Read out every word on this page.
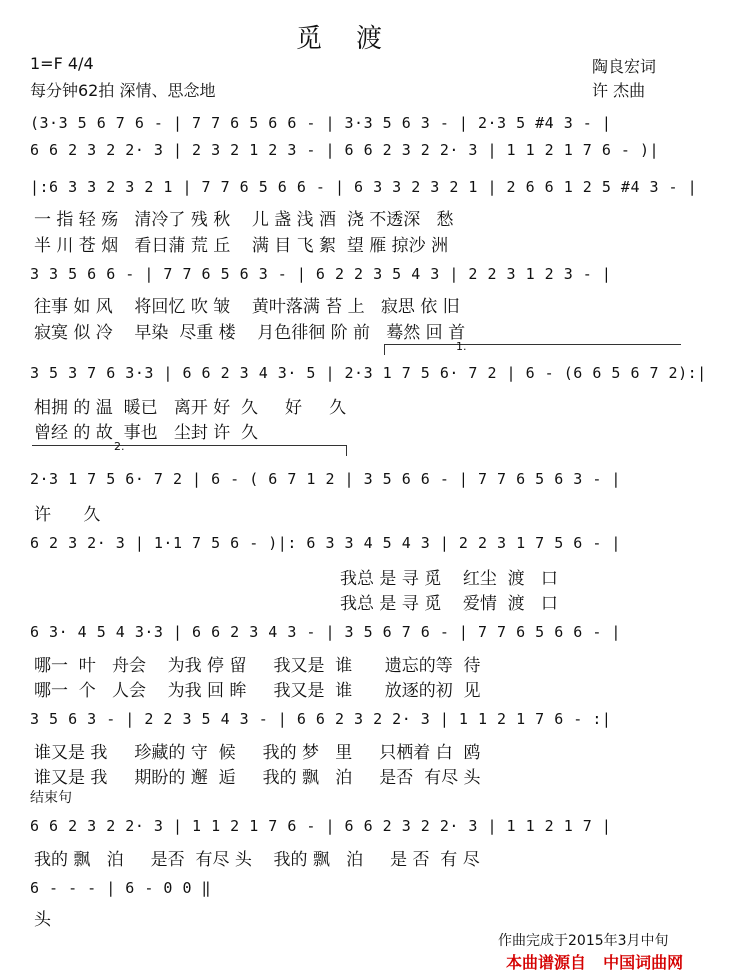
觅渡
1=F 4/4
每分钟62拍 深情、思念地
陶良宏词
许 杰曲
(3·3 5 6 7 6 - | 7 7 6 5 6 6 - | 3·3 5 6 3 - | 2·3 5 #4 3 - |
6 6 2 3 2 2· 3 | 2 3 2 1 2 3 - | 6 6 2 3 2 2· 3 | 1 1 2 1 7 6 - )|
|:6 3 3 2 3 2 1 | 7 7 6 5 6 6 - | 6 3 3 2 3 2 1 | 2 6 6 1 2 5 #4 3 - |
一 指 轻 殇   清冷了 残 秋    儿 盏 浅 酒  浇 不透深   愁
半 川 苍 烟   看日蒲 荒 丘    满 目 飞 絮  望 雁 掠沙 洲
3 3 5 6 6 - | 7 7 6 5 6 3 - | 6 2 2 3 5 4 3 | 2 2 3 1 2 3 - |
往事 如 风    将回忆 吹 皱    黄叶落满 苔 上   寂思 依 旧
寂寞 似 冷    早染  尽重 楼    月色徘徊 阶 前   蓦然 回 首
1.
3 5 3 7 6 3·3 | 6 6 2 3 4 3· 5 | 2·3 1 7 5 6· 7 2 | 6 - (6 6 5 6 7 2):|
相拥 的 温  暖已   离开 好  久     好     久
曾经 的 故  事也   尘封 许  久
2.
2·3 1 7 5 6· 7 2 | 6 - ( 6 7 1 2 | 3 5 6 6 - | 7 7 6 5 6 3 - |
许      久
6 2 3 2· 3 | 1·1 7 5 6 - )|: 6 3 3 4 5 4 3 | 2 2 3 1 7 5 6 - |
我总 是 寻 觅    红尘  渡   口
我总 是 寻 觅    爱情  渡   口
6 3· 4 5 4 3·3 | 6 6 2 3 4 3 - | 3 5 6 7 6 - | 7 7 6 5 6 6 - |
哪一  叶   舟会    为我 停 留     我又是  谁      遗忘的等  待
哪一  个   人会    为我 回 眸     我又是  谁      放逐的初  见
3 5 6 3 - | 2 2 3 5 4 3 - | 6 6 2 3 2 2· 3 | 1 1 2 1 7 6 - :|
谁又是 我     珍藏的 守  候     我的 梦   里     只栖着 白  鸥
谁又是 我     期盼的 邂  逅     我的 飘   泊     是否  有尽 头
结束句
6 6 2 3 2 2· 3 | 1 1 2 1 7 6 - | 6 6 2 3 2 2· 3 | 1 1 2 1 7 |
我的 飘   泊     是否  有尽 头    我的 飘   泊     是 否  有 尽
6 - - - | 6 - 0 0 ‖
头
作曲完成于2015年3月中旬
本曲谱源自 中国词曲网
